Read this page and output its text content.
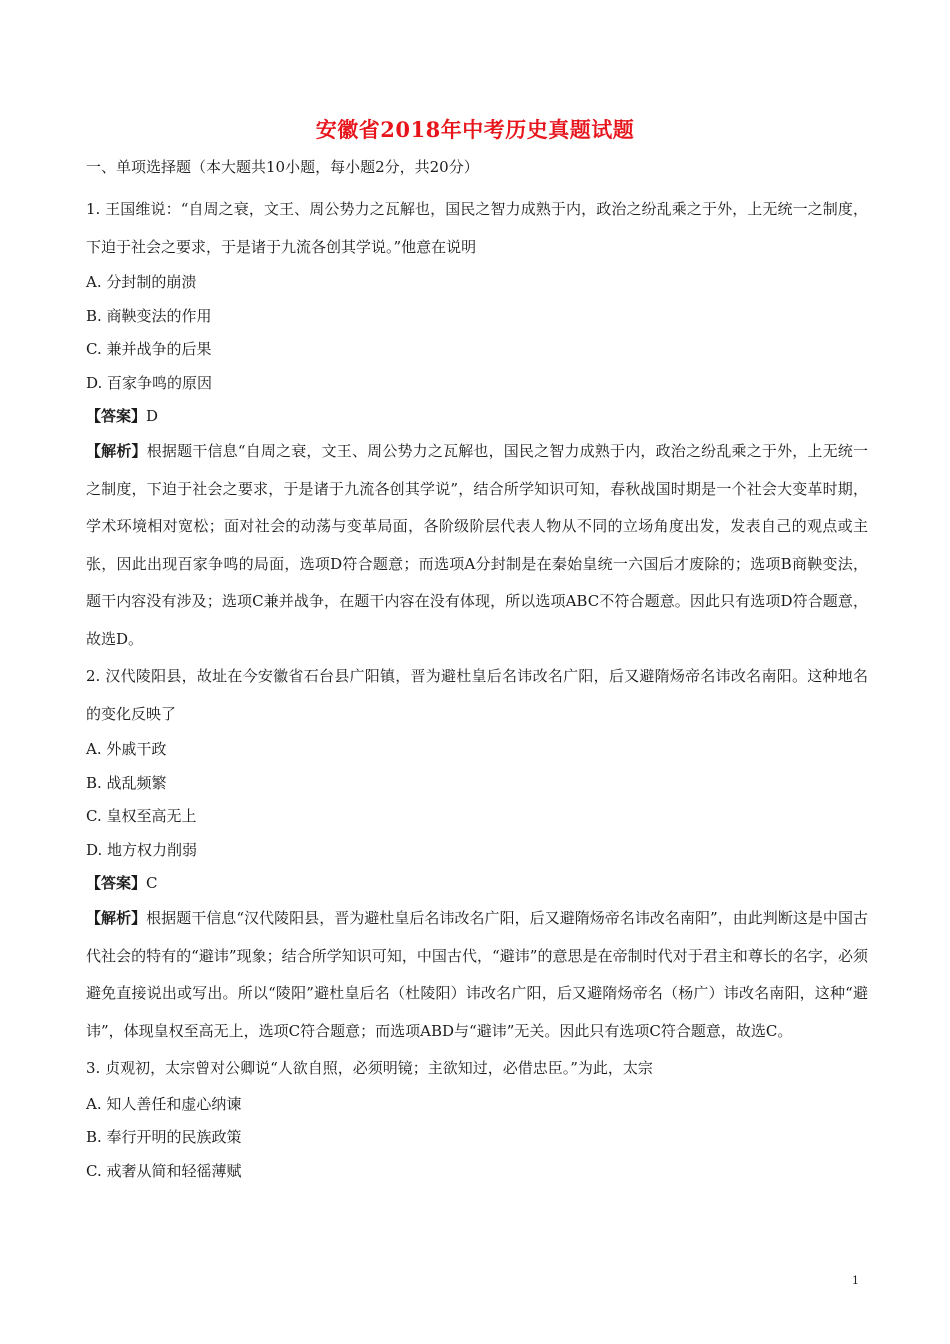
安徽省2018年中考历史真题试题
一、单项选择题（本大题共10小题，每小题2分，共20分）
1. 王国维说：“自周之衰，文王、周公势力之瓦解也，国民之智力成熟于内，政治之纷乱乘之于外，上无统一之制度，下迫于社会之要求，于是诸于九流各创其学说。”他意在说明
A. 分封制的崩溃
B. 商鞅变法的作用
C. 兼并战争的后果
D. 百家争鸣的原因
【答案】D
【解析】根据题干信息“自周之衰，文王、周公势力之瓦解也，国民之智力成熟于内，政治之纷乱乘之于外，上无统一之制度，下迫于社会之要求，于是诸于九流各创其学说”，结合所学知识可知，春秋战国时期是一个社会大变革时期，学术环境相对宽松；面对社会的动荡与变革局面，各阶级阶层代表人物从不同的立场角度出发，发表自己的观点或主张，因此出现百家争鸣的局面，选项D符合题意；而选项A分封制是在秦始皇统一六国后才废除的；选项B商鞅变法，题干内容没有涉及；选项C兼并战争，在题干内容在没有体现，所以选项ABC不符合题意。因此只有选项D符合题意，故选D。
2. 汉代陵阳县，故址在今安徽省石台县广阳镇，晋为避杜皇后名讳改名广阳，后又避隋炀帝名讳改名南阳。这种地名的变化反映了
A. 外戚干政
B. 战乱频繁
C. 皇权至高无上
D. 地方权力削弱
【答案】C
【解析】根据题干信息“汉代陵阳县，晋为避杜皇后名讳改名广阳，后又避隋炀帝名讳改名南阳”，由此判断这是中国古代社会的特有的“避讳”现象；结合所学知识可知，中国古代，“避讳”的意思是在帝制时代对于君主和尊长的名字，必须避免直接说出或写出。所以“陵阳”避杜皇后名（杜陵阳）讳改名广阳，后又避隋炀帝名（杨广）讳改名南阳，这种“避讳”，体现皇权至高无上，选项C符合题意；而选项ABD与“避讳”无关。因此只有选项C符合题意，故选C。
3. 贞观初，太宗曾对公卿说“人欲自照，必须明镜；主欲知过，必借忠臣。”为此，太宗
A. 知人善任和虚心纳谏
B. 奉行开明的民族政策
C. 戒奢从简和轻徭薄赋
1
